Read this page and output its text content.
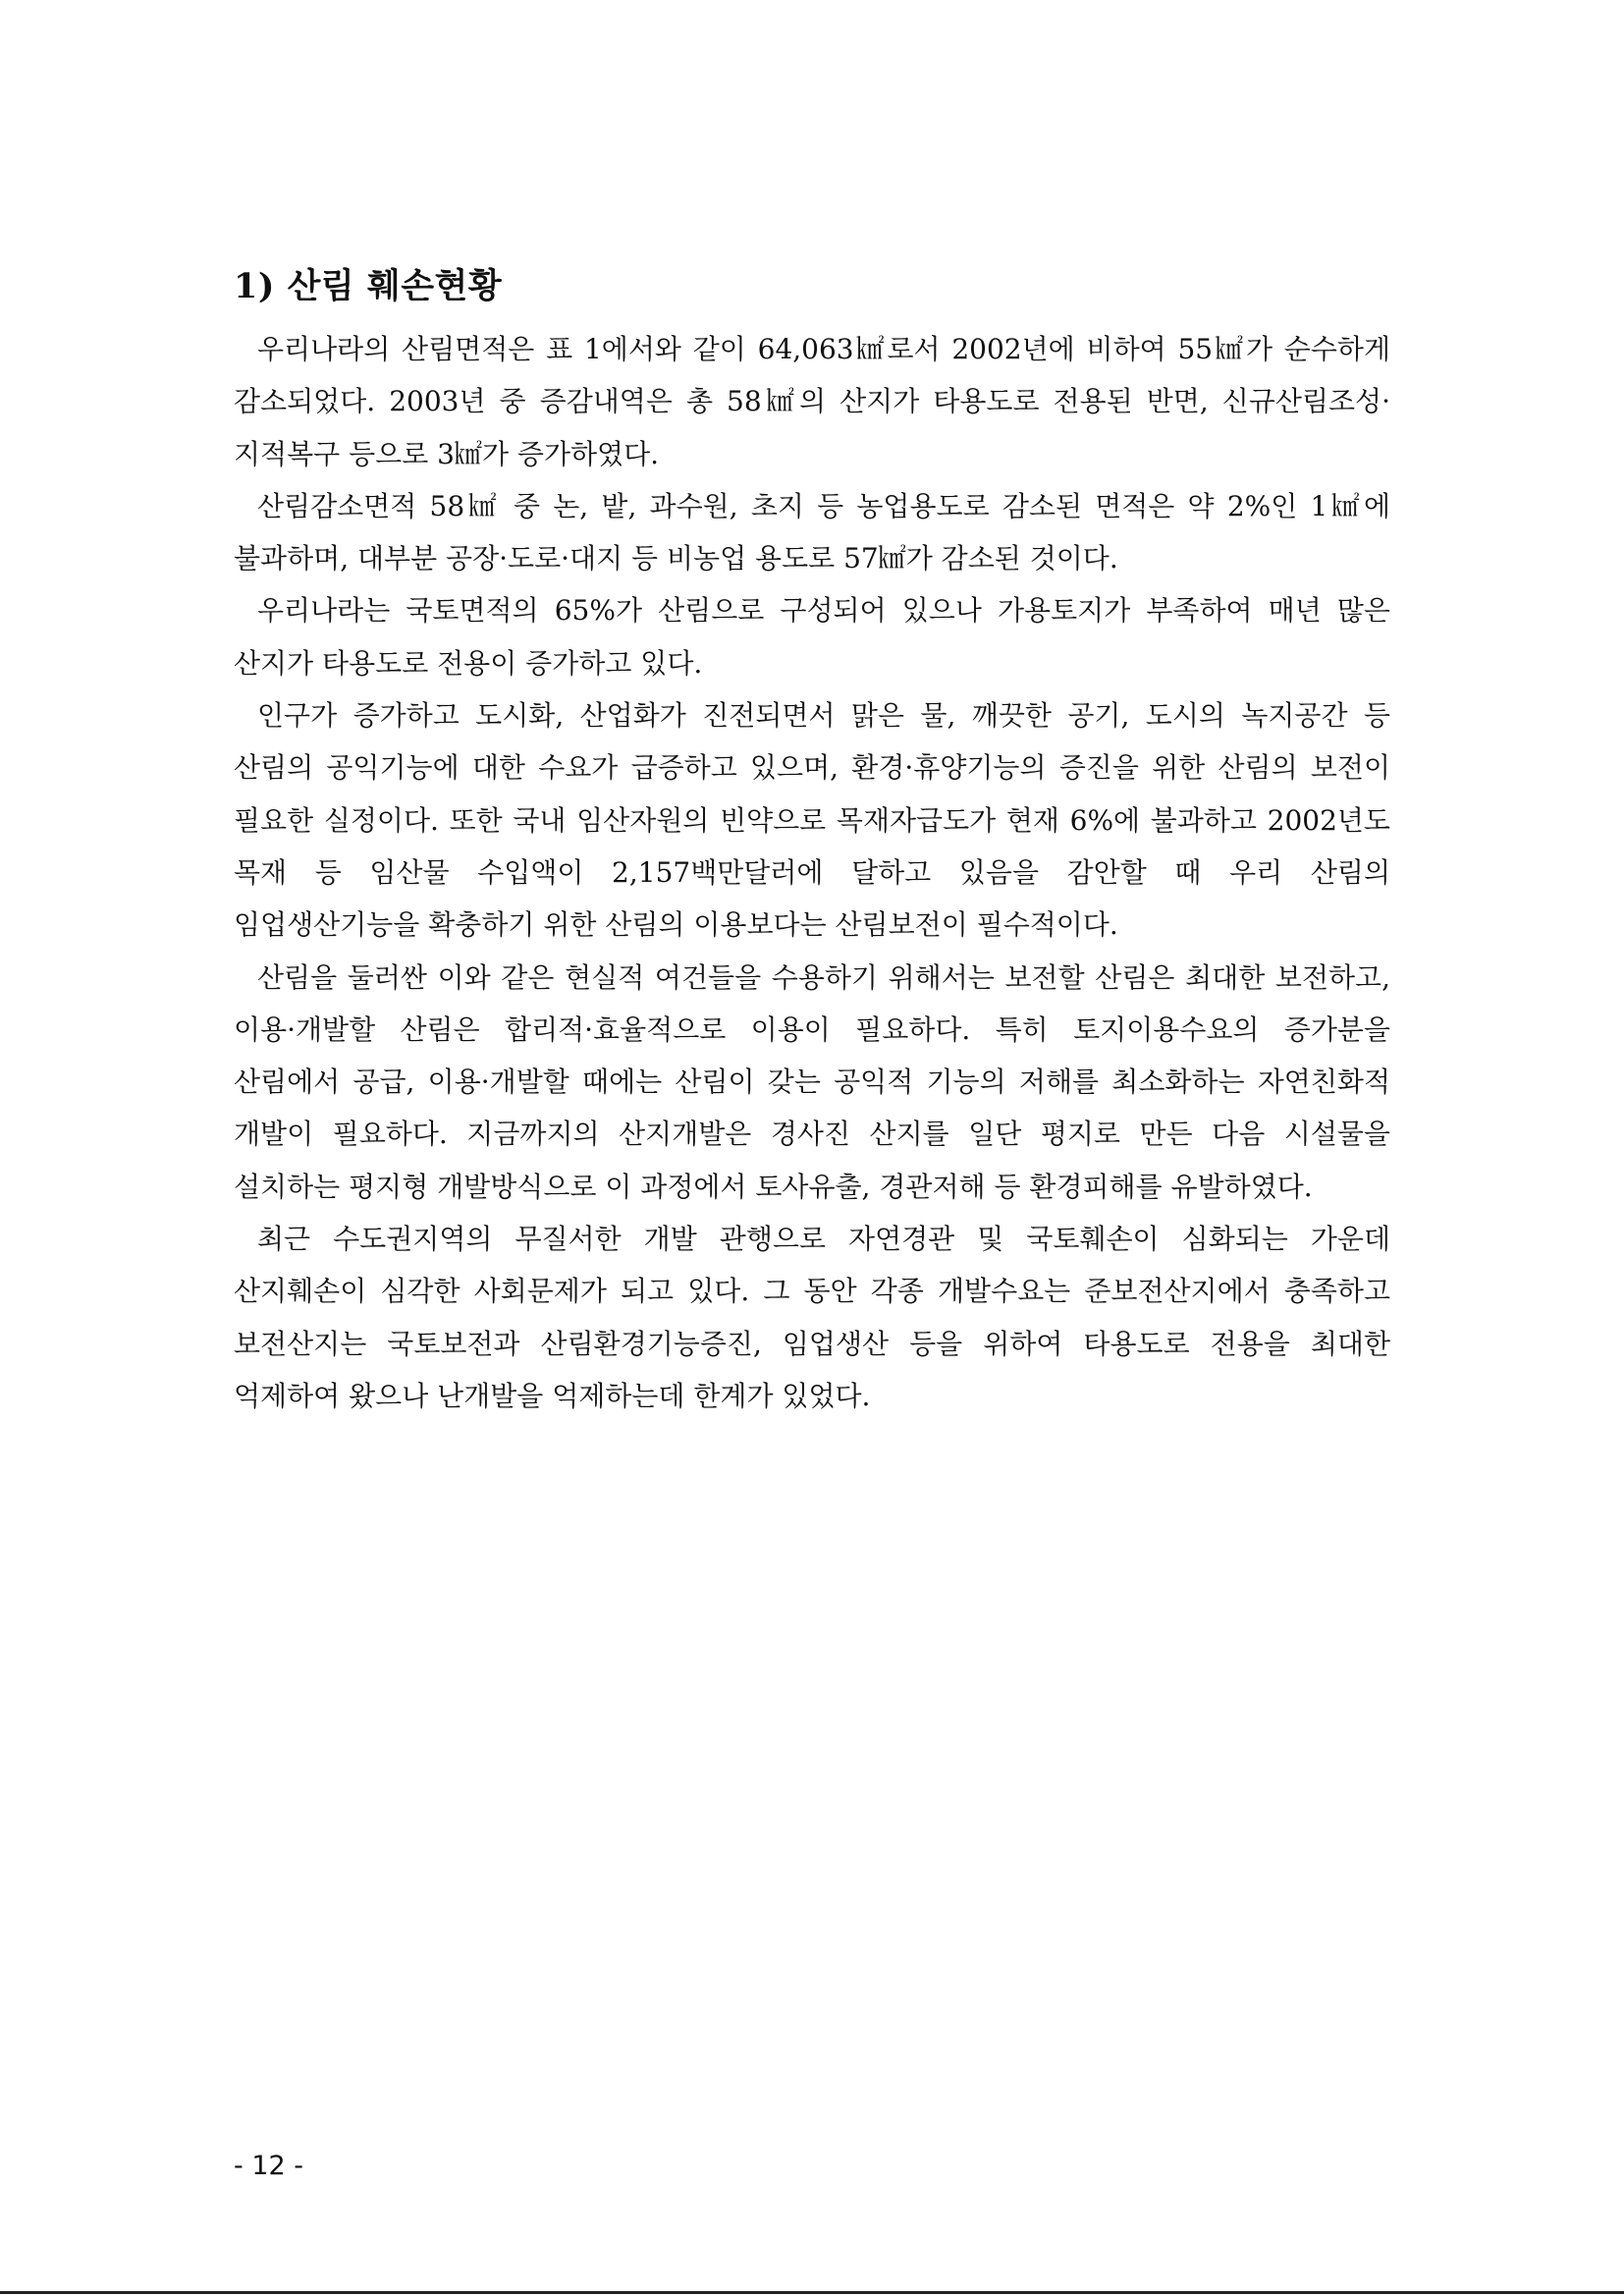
1) 산림 훼손현황

우리나라의 산림면적은 표 1에서와 같이 64,063㎢로서 2002년에 비하여 55㎢가 순수하게 감소되었다. 2003년 중 증감내역은 총 58㎢의 산지가 타용도로 전용된 반면, 신규산림조성·지적복구 등으로 3㎢가 증가하였다.

산림감소면적 58㎢ 중 논, 밭, 과수원, 초지 등 농업용도로 감소된 면적은 약 2%인 1㎢에 불과하며, 대부분 공장·도로·대지 등 비농업 용도로 57㎢가 감소된 것이다.

우리나라는 국토면적의 65%가 산림으로 구성되어 있으나 가용토지가 부족하여 매년 많은 산지가 타용도로 전용이 증가하고 있다.

인구가 증가하고 도시화, 산업화가 진전되면서 맑은 물, 깨끗한 공기, 도시의 녹지공간 등 산림의 공익기능에 대한 수요가 급증하고 있으며, 환경·휴양기능의 증진을 위한 산림의 보전이 필요한 실정이다. 또한 국내 임산자원의 빈약으로 목재자급도가 현재 6%에 불과하고 2002년도 목재 등 임산물 수입액이 2,157백만달러에 달하고 있음을 감안할 때 우리 산림의 임업생산기능을 확충하기 위한 산림의 이용보다는 산림보전이 필수적이다.

산림을 둘러싼 이와 같은 현실적 여건들을 수용하기 위해서는 보전할 산림은 최대한 보전하고, 이용·개발할 산림은 합리적·효율적으로 이용이 필요하다. 특히 토지이용수요의 증가분을 산림에서 공급, 이용·개발할 때에는 산림이 갖는 공익적 기능의 저해를 최소화하는 자연친화적 개발이 필요하다. 지금까지의 산지개발은 경사진 산지를 일단 평지로 만든 다음 시설물을 설치하는 평지형 개발방식으로 이 과정에서 토사유출, 경관저해 등 환경피해를 유발하였다.

최근 수도권지역의 무질서한 개발 관행으로 자연경관 및 국토훼손이 심화되는 가운데 산지훼손이 심각한 사회문제가 되고 있다. 그 동안 각종 개발수요는 준보전산지에서 충족하고 보전산지는 국토보전과 산림환경기능증진, 임업생산 등을 위하여 타용도로 전용을 최대한 억제하여 왔으나 난개발을 억제하는데 한계가 있었다.

- 12 -
